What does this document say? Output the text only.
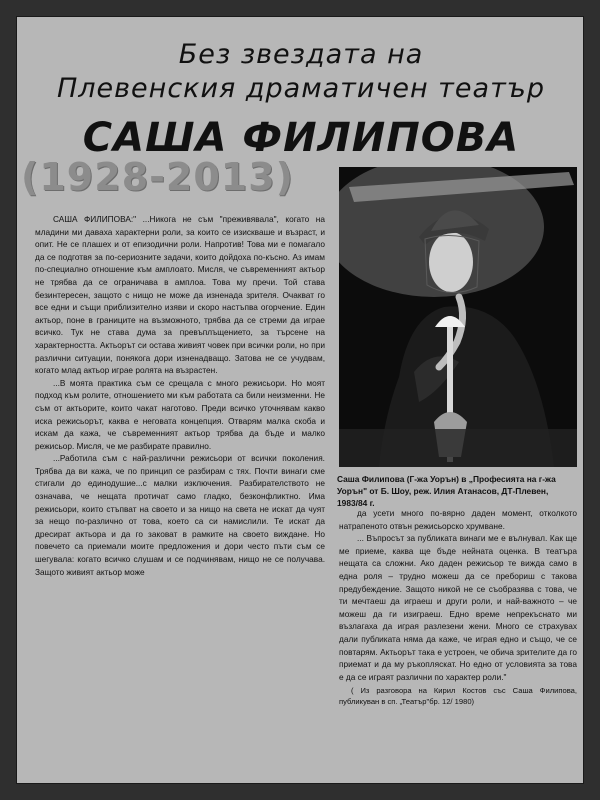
Без звездата на
Плевенския драматичен театър
САША ФИЛИПОВА
(1928-2013)
Саша Филипова (Г-жа Уорън) в „Професията на г-жа Уорън" от Б. Шоу, реж. Илия Атанасов, ДТ-Плевен, 1983/84 г.

САША ФИЛИПОВА:" ...Никога не съм "преживявала", когато на младини ми даваха характерни роли, за които се изискваше и възраст, и опит. Не се плашех и от епизодични роли. Напротив! Това ми е помагало да се подготвя за по-сериозните задачи, които дойдоха по-късно. Аз имам по-специално отношение към амплоато. Мисля, че съвременният актьор не трябва да се ограничава в амплоа. Това му пречи. Той става безинтересен, защото с нищо не може да изненада зрителя. Очакват го все едни и същи приблизително изяви и скоро настъпва огорчение. Един актьор, поне в границите на възможното, трябва да се стреми да играе всичко. Тук не става дума за превъплъщението, за търсене на характерността. Актьорът си остава живият човек при всички роли, но при различни ситуации, понякога дори изненадващо. Затова не се учудвам, когато млад актьор играе ролята на възрастен.

...В моята практика съм се срещала с много режисьори. Но моят подход към ролите, отношението ми към работата са били неизменни. Не съм от актьорите, които чакат наготово. Преди всичко уточнявам какво иска режисьорът, каква е неговата концепция. Отварям малка скоба и искам да кажа, че съвременният актьор трябва да бъде и малко режисьор. Мисля, че ме разбирате правилно.

...Работила съм с най-различни режисьори от всички поколения. Трябва да ви кажа, че по принцип се разбирам с тях. Почти винаги сме стигали до единодушие...с малки изключения. Разбирателството не означава, че нещата протичат само гладко, безконфликтно. Има режисьори, които стъпват на своето и за нищо на света не искат да чуят за нещо по-различно от това, което са си намислили. Те искат да дресират актьора и да го заковат в рамките на своето виждане. Но повечето са приемали моите предложения и дори често пъти съм се шегувала: когато всичко слушам и се подчинявам, нищо не се получава. Защото живият актьор може

да усети много по-вярно даден момент, отколкото натрапеното отвън режисьорско хрумване.

... Въпросът за публиката винаги ме е вълнувал. Как ще ме приеме, каква ще бъде нейната оценка. В театъра нещата са сложни. Ако даден режисьор те вижда само в една роля – трудно можеш да се пребориш с такова предубеждение. Защото никой не се съобразява с това, че ти мечтаеш да играеш и други роли, и най-важното – че можеш да ги изиграеш. Едно време непрекъснато ми възлагаха да играя разлезени жени. Много се страхувах дали публиката няма да каже, че играя едно и също, че се повтарям. Актьорът така е устроен, че обича зрителите да го приемат и да му ръкопляскат. Но едно от условията за това е да се играят различни по характер роли."

( Из разговора на Кирил Костов със Саша Филипова, публикуван в сп. „Театър"бр. 12/ 1980)
